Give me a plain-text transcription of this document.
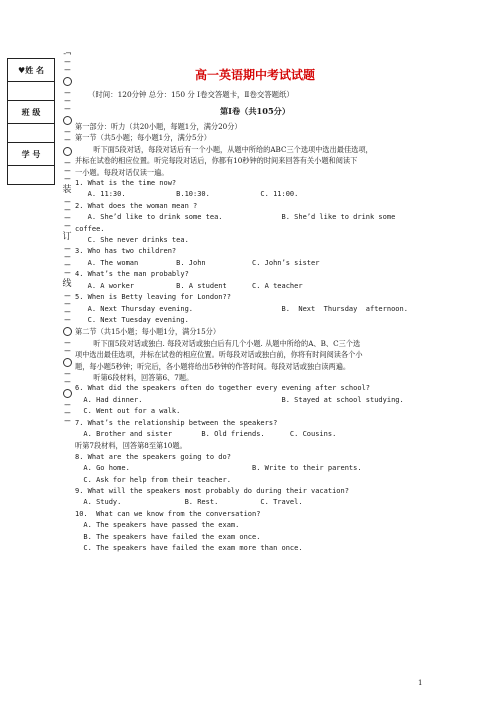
♥姓 名

班 级

学 号

-¬
---
---
---
---
---
---
---
---
---
---
装
---
---
---
---
订
---
---
---
---
线
---
---
---
---
---
---
---
---
---
---
---
高一英语期中考试试题
（时间：120分钟 总分：150 分 Ⅰ卷交答题卡，Ⅱ卷交答题纸）
第Ⅰ卷（共105分）
第一部分：听力（共20小题，每题1分，满分20分）
第一节（共5小题；每小题1分，满分5分）
听下面5段对话，每段对话后有一个小题，从题中所给的ABC三个选项中选出最佳选项，
并标在试卷的相应位置。听完每段对话后，你都有10秒钟的时间来回答有关小题和阅读下
一小题。每段对话仅读一遍。
1. What is the time now?
A. 11:30.            B.10:30.            C. 11:00.
2. What does the woman mean ?
A. She’d like to drink some tea.              B. She’d like to drink some
coffee.
C. She never drinks tea.
3. Who has two children?
A. The woman         B. John           C. John’s sister
4. What’s the man probably?
A. A worker          B. A student      C. A teacher
5. When is Betty leaving for London??
A. Next Thursday evening.                     B.  Next  Thursday  afternoon.
C. Next Tuesday evening.
第二节（共15小题；每小题1分，满分15分）
听下面5段对话或独白. 每段对话或独白后有几个小题. 从题中所给的A、B、C三个选
项中选出最佳选项，并标在试卷的相应位置。听每段对话或独白前，你将有时间阅读各个小
题，每小题5秒钟；听完后，各小题将给出5秒钟的作答时间。每段对话或独白读两遍。
听第6段材料，回答第6、7题。
6. What did the speakers often do together every evening after school?
A. Had dinner.                                 B. Stayed at school studying.
C. Went out for a walk.
7. What’s the relationship between the speakers?
A. Brother and sister       B. Old friends.      C. Cousins.
听第7段材料，回答第8至第10题。
8. What are the speakers going to do?
A. Go home.                             B. Write to their parents.
C. Ask for help from their teacher.
9. What will the speakers most probably do during their vacation?
A. Study.               B. Rest.          C. Travel.
10.  What can we know from the conversation?
A. The speakers have passed the exam.
B. The speakers have failed the exam once.
C. The speakers have failed the exam more than once.
1
